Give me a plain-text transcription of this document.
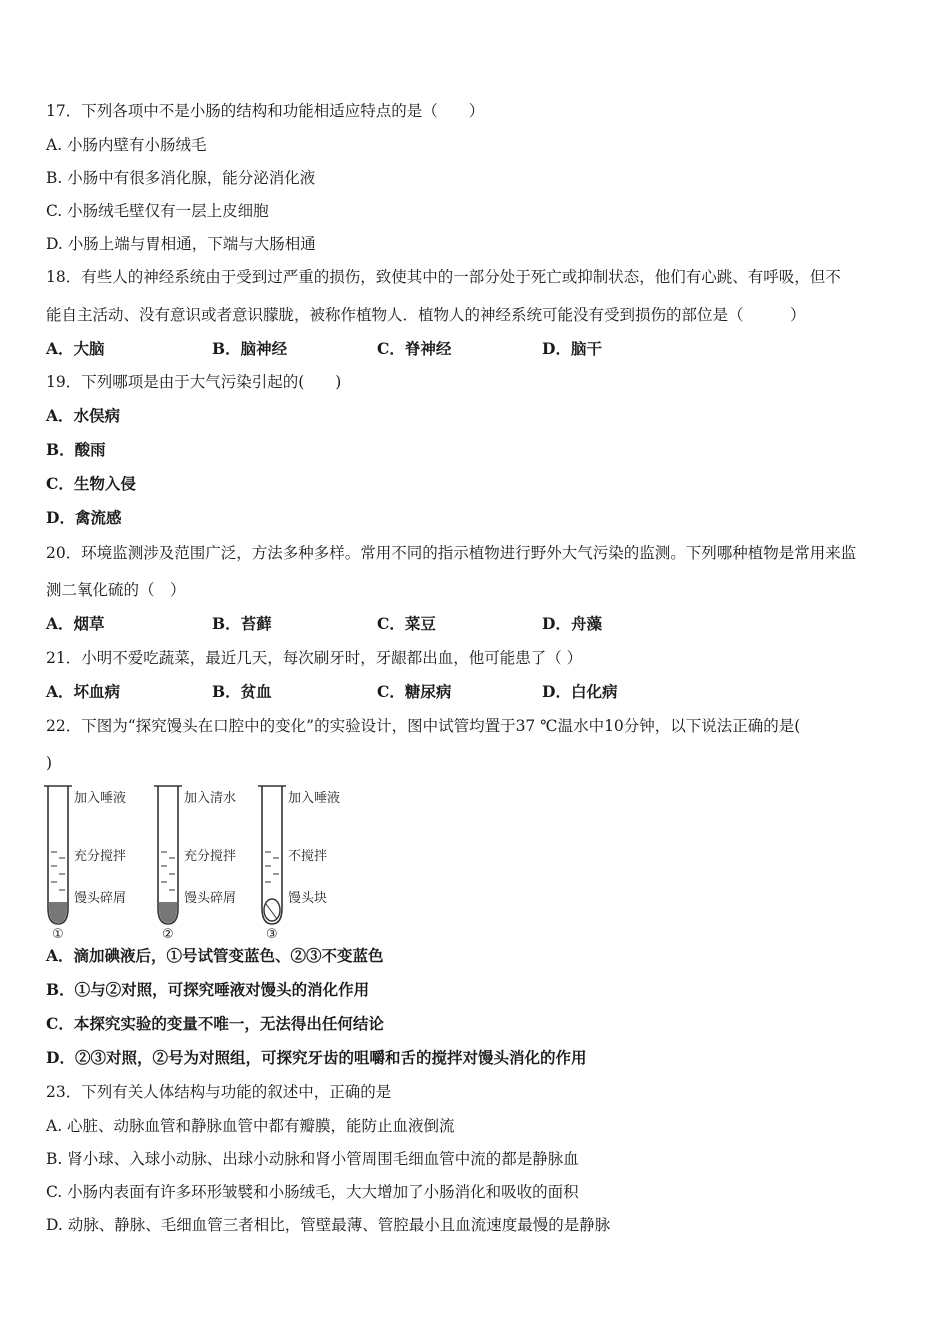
17．下列各项中不是小肠的结构和功能相适应特点的是（　　）
A. 小肠内壁有小肠绒毛
B. 小肠中有很多消化腺，能分泌消化液
C. 小肠绒毛壁仅有一层上皮细胞
D. 小肠上端与胃相通，下端与大肠相通
18．有些人的神经系统由于受到过严重的损伤，致使其中的一部分处于死亡或抑制状态，他们有心跳、有呼吸，但不
能自主活动、没有意识或者意识朦胧，被称作植物人．植物人的神经系统可能没有受到损伤的部位是（　　　）
A．大脑	B．脑神经	C．脊神经	D．脑干
19．下列哪项是由于大气污染引起的(　　)
A．水俣病
B．酸雨
C．生物入侵
D．禽流感
20．环境监测涉及范围广泛，方法多种多样。常用不同的指示植物进行野外大气污染的监测。下列哪种植物是常用来监
测二氧化硫的（　）
A．烟草	B．苔藓	C．菜豆	D．舟藻
21．小明不爱吃蔬菜，最近几天，每次刷牙时，牙龈都出血，他可能患了（ ）
A．坏血病	B．贫血	C．糖尿病	D．白化病
22．下图为“探究馒头在口腔中的变化”的实验设计，图中试管均置于37 ℃温水中10分钟，以下说法正确的是(
)
加入唾液
充分搅拌
馒头碎屑
①
加入清水
充分搅拌
馒头碎屑
②
加入唾液
不搅拌
馒头块
③
A．滴加碘液后，①号试管变蓝色、②③不变蓝色
B．①与②对照，可探究唾液对馒头的消化作用
C．本探究实验的变量不唯一，无法得出任何结论
D．②③对照，②号为对照组，可探究牙齿的咀嚼和舌的搅拌对馒头消化的作用
23．下列有关人体结构与功能的叙述中，正确的是
A. 心脏、动脉血管和静脉血管中都有瓣膜，能防止血液倒流
B. 肾小球、入球小动脉、出球小动脉和肾小管周围毛细血管中流的都是静脉血
C. 小肠内表面有许多环形皱襞和小肠绒毛，大大增加了小肠消化和吸收的面积
D. 动脉、静脉、毛细血管三者相比，管壁最薄、管腔最小且血流速度最慢的是静脉
